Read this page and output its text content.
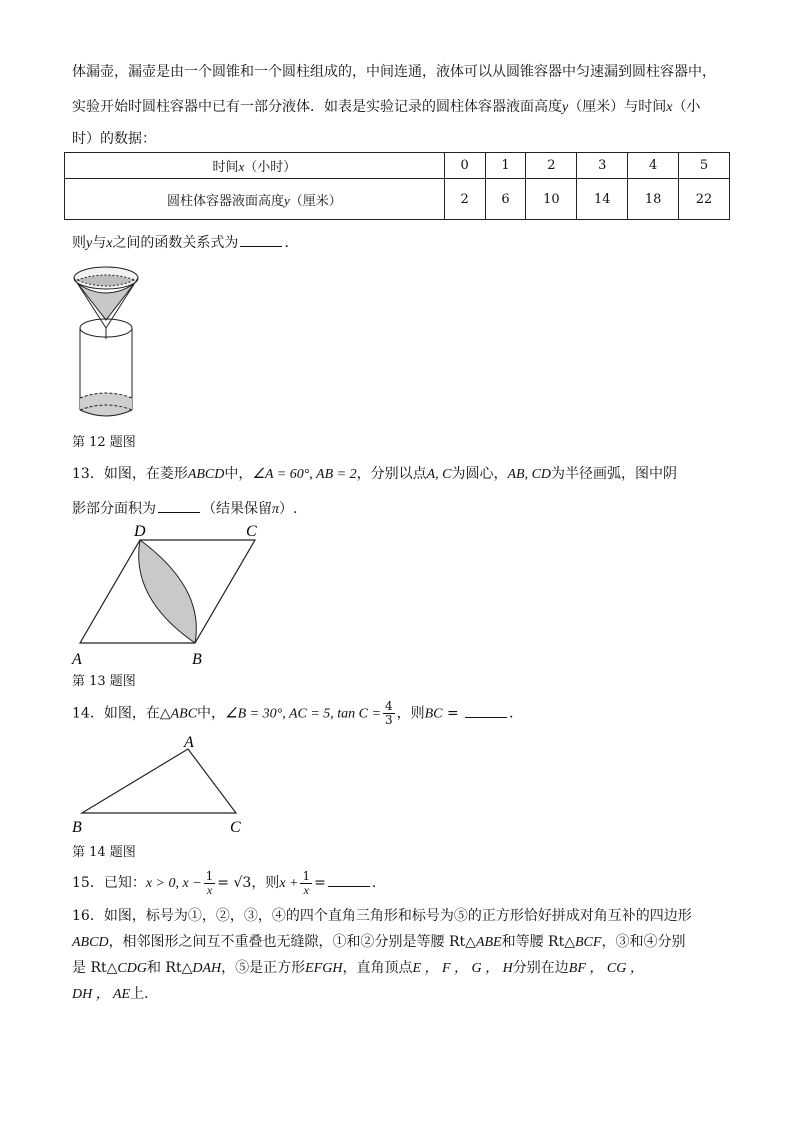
体漏壶，漏壶是由一个圆锥和一个圆柱组成的，中间连通，液体可以从圆锥容器中匀速漏到圆柱容器中，
实验开始时圆柱容器中已有一部分液体．如表是实验记录的圆柱体容器液面高度y（厘米）与时间x（小
时）的数据：
时间x（小时）	0	1	2	3	4	5
圆柱体容器液面高度y（厘米）	2	6	10	14	18	22
则y与x之间的函数关系式为	．
第 12 题图
13．如图，在菱形ABCD中，∠A = 60°, AB = 2，分别以点A, C为圆心，AB, CD为半径画弧，图中阴
影部分面积为	（结果保留π）.
A	B
C
D
第 13 题图
14．如图，在△ABC中，∠B = 30°, AC = 5, $\tan C = \frac{4}{3}$ ，则BC =	．
A
B	C
第 14 题图
15．已知：x > 0, $x - \frac{1}{x} = √3$，则$x + \frac{1}{x}$ =	．
16．如图，标号为①，②，③，④的四个直角三角形和标号为⑤的正方形恰好拼成对角互补的四边形
ABCD，相邻图形之间互不重叠也无缝隙，①和②分别是等腰 Rt△ABE和等腰 Rt△BCF，③和④分别
是 Rt△CDG和 Rt△DAH，⑤是正方形EFGH，直角顶点E ， F ， G ， H分别在边BF ， CG ，
DH ， AE上．
